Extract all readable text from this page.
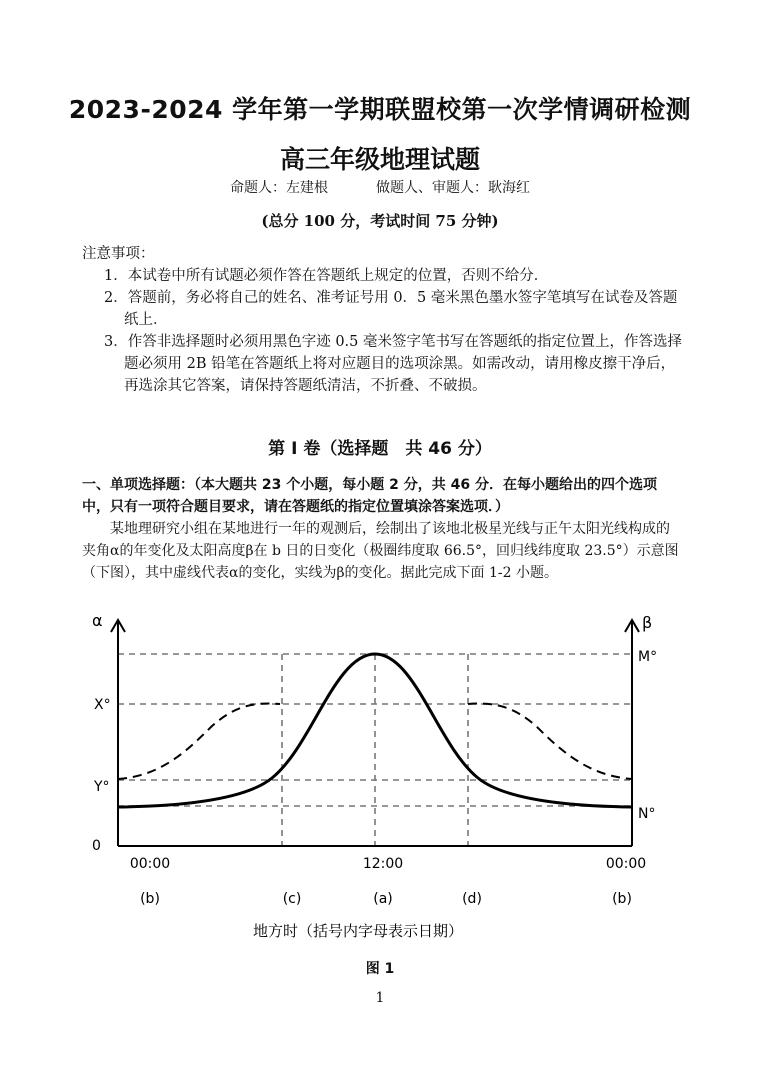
2023-2024 学年第一学期联盟校第一次学情调研检测
高三年级地理试题
命题人：左建根	做题人、审题人：耿海红
(总分 100 分，考试时间 75 分钟)
注意事项：
1．本试卷中所有试题必须作答在答题纸上规定的位置，否则不给分．
2．答题前，务必将自己的姓名、准考证号用 0．5 毫米黑色墨水签字笔填写在试卷及答题纸上．
3．作答非选择题时必须用黑色字迹 0.5 毫米签字笔书写在答题纸的指定位置上，作答选择题必须用 2B 铅笔在答题纸上将对应题目的选项涂黑。如需改动，请用橡皮擦干净后，再选涂其它答案，请保持答题纸清洁，不折叠、不破损。
第 I 卷（选择题　共 46 分）
一、单项选择题：（本大题共 23 个小题，每小题 2 分，共 46 分．在每小题给出的四个选项中，只有一项符合题目要求，请在答题纸的指定位置填涂答案选项．）
某地理研究小组在某地进行一年的观测后，绘制出了该地北极星光线与正午太阳光线构成的夹角α的年变化及太阳高度β在 b 日的日变化（极圈纬度取 66.5°，回归线纬度取 23.5°）示意图（下图），其中虚线代表α的变化，实线为β的变化。据此完成下面 1-2 小题。
α	β
0
X°
Y°
M°
N°
00:00	12:00	00:00
(b)	(c)	(a)	(d)	(b)
地方时（括号内字母表示日期）
图 1
1
